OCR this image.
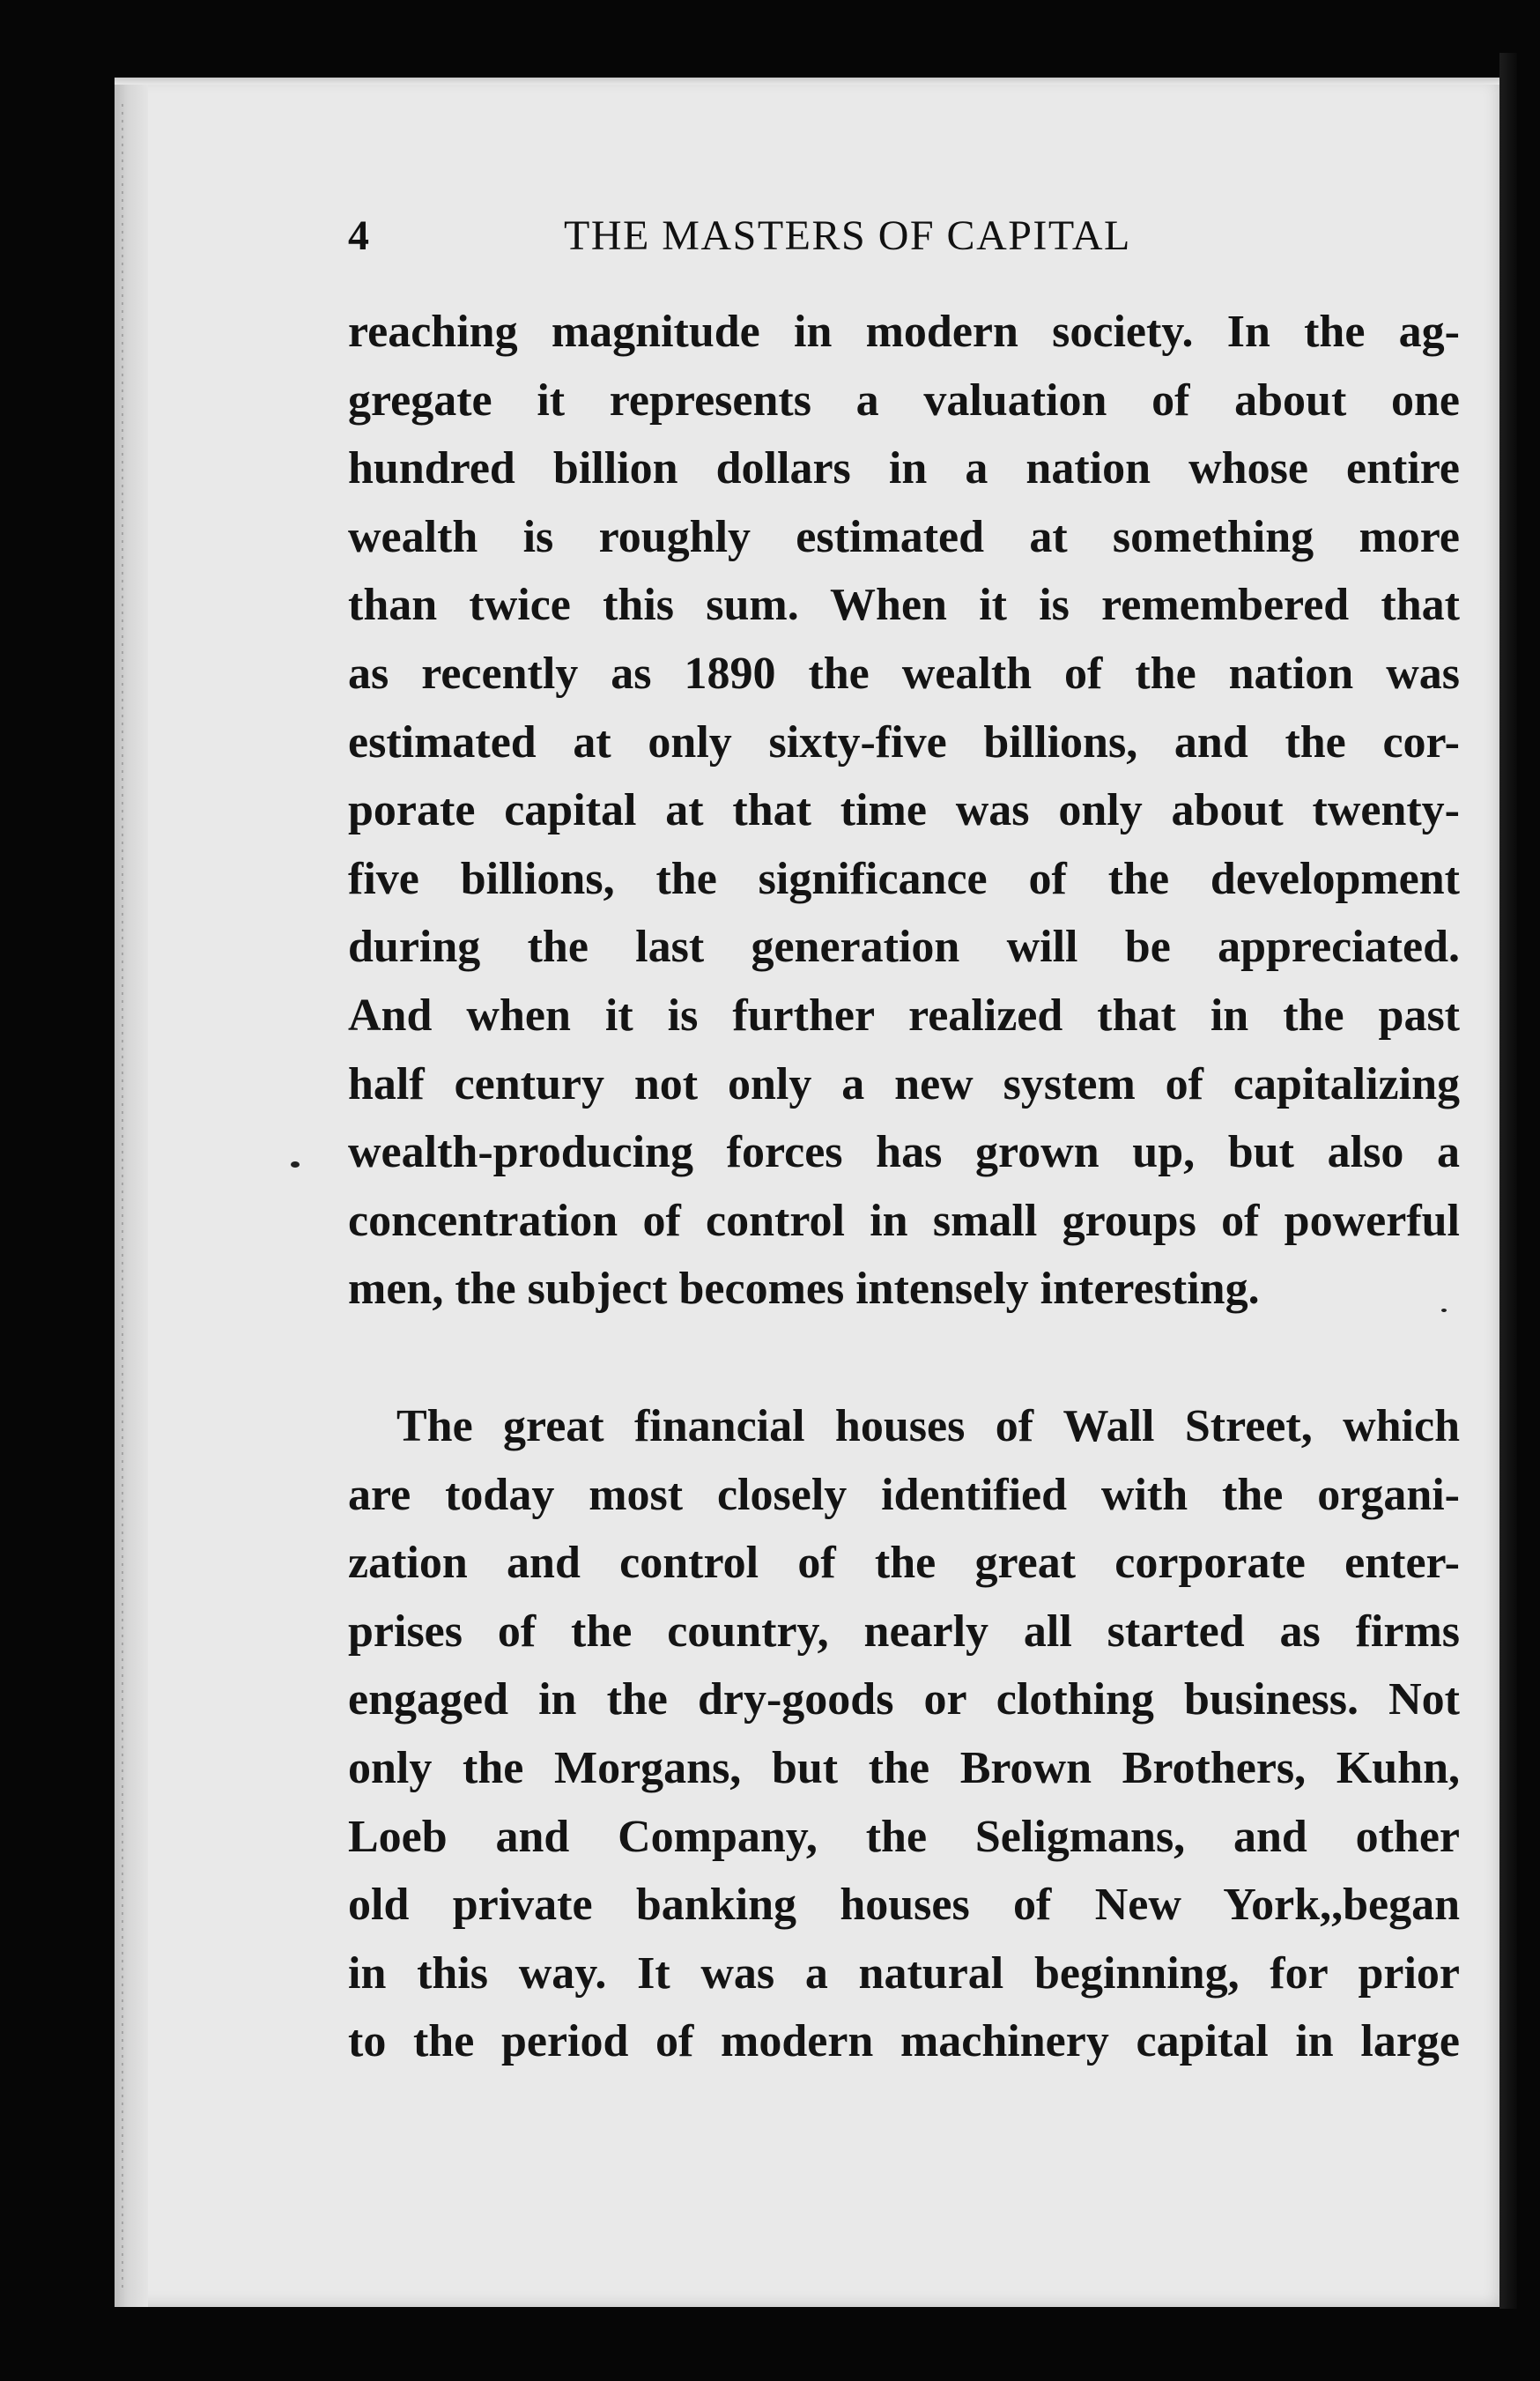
4	THE MASTERS OF CAPITAL
reaching magnitude in modern society. In the ag-
gregate it represents a valuation of about one
hundred billion dollars in a nation whose entire
wealth is roughly estimated at something more
than twice this sum. When it is remembered that
as recently as 1890 the wealth of the nation was
estimated at only sixty-five billions, and the cor-
porate capital at that time was only about twenty-
five billions, the significance of the development
during the last generation will be appreciated.
And when it is further realized that in the past
half century not only a new system of capitalizing
wealth-producing forces has grown up, but also a
concentration of control in small groups of powerful
men, the subject becomes intensely interesting.
The great financial houses of Wall Street, which
are today most closely identified with the organi-
zation and control of the great corporate enter-
prises of the country, nearly all started as firms
engaged in the dry-goods or clothing business. Not
only the Morgans, but the Brown Brothers, Kuhn,
Loeb and Company, the Seligmans, and other
old private banking houses of New York,,began
in this way. It was a natural beginning, for prior
to the period of modern machinery capital in large
